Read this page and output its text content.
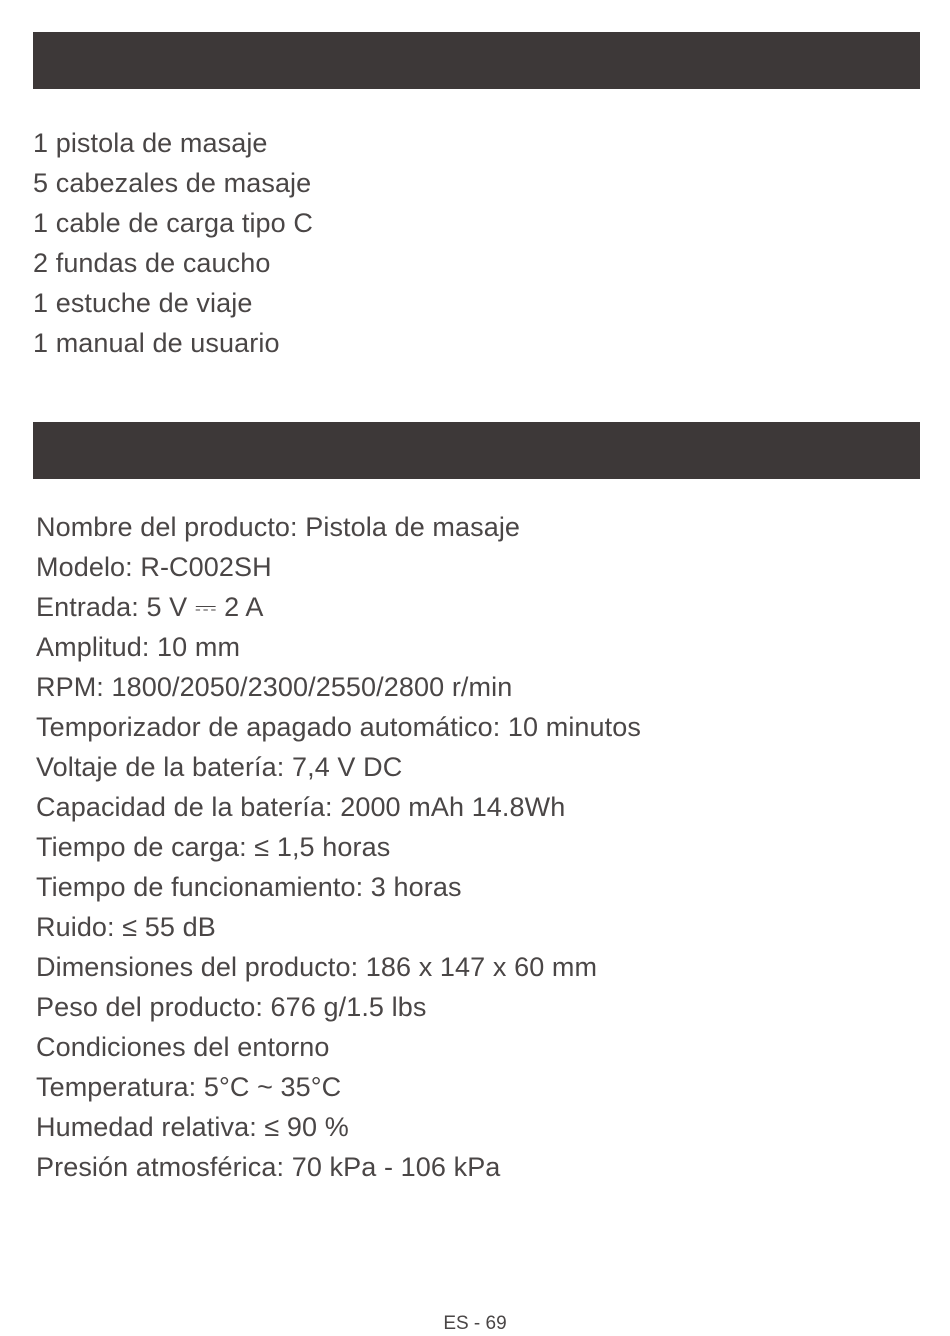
1 pistola de masaje
5 cabezales de masaje
1 cable de carga tipo C
2 fundas de caucho
1 estuche de viaje
1 manual de usuario
Nombre del producto: Pistola de masaje
Modelo: R-C002SH
Entrada: 5 V ⎓ 2 A
Amplitud: 10 mm
RPM: 1800/2050/2300/2550/2800 r/min
Temporizador de apagado automático: 10 minutos
Voltaje de la batería: 7,4 V DC
Capacidad de la batería: 2000 mAh 14.8Wh
Tiempo de carga: ≤ 1,5 horas
Tiempo de funcionamiento: 3 horas
Ruido: ≤ 55 dB
Dimensiones del producto: 186 x 147 x 60 mm
Peso del producto: 676 g/1.5 lbs
Condiciones del entorno
Temperatura: 5°C ~ 35°C
Humedad relativa: ≤ 90 %
Presión atmosférica: 70 kPa - 106 kPa
ES - 69
